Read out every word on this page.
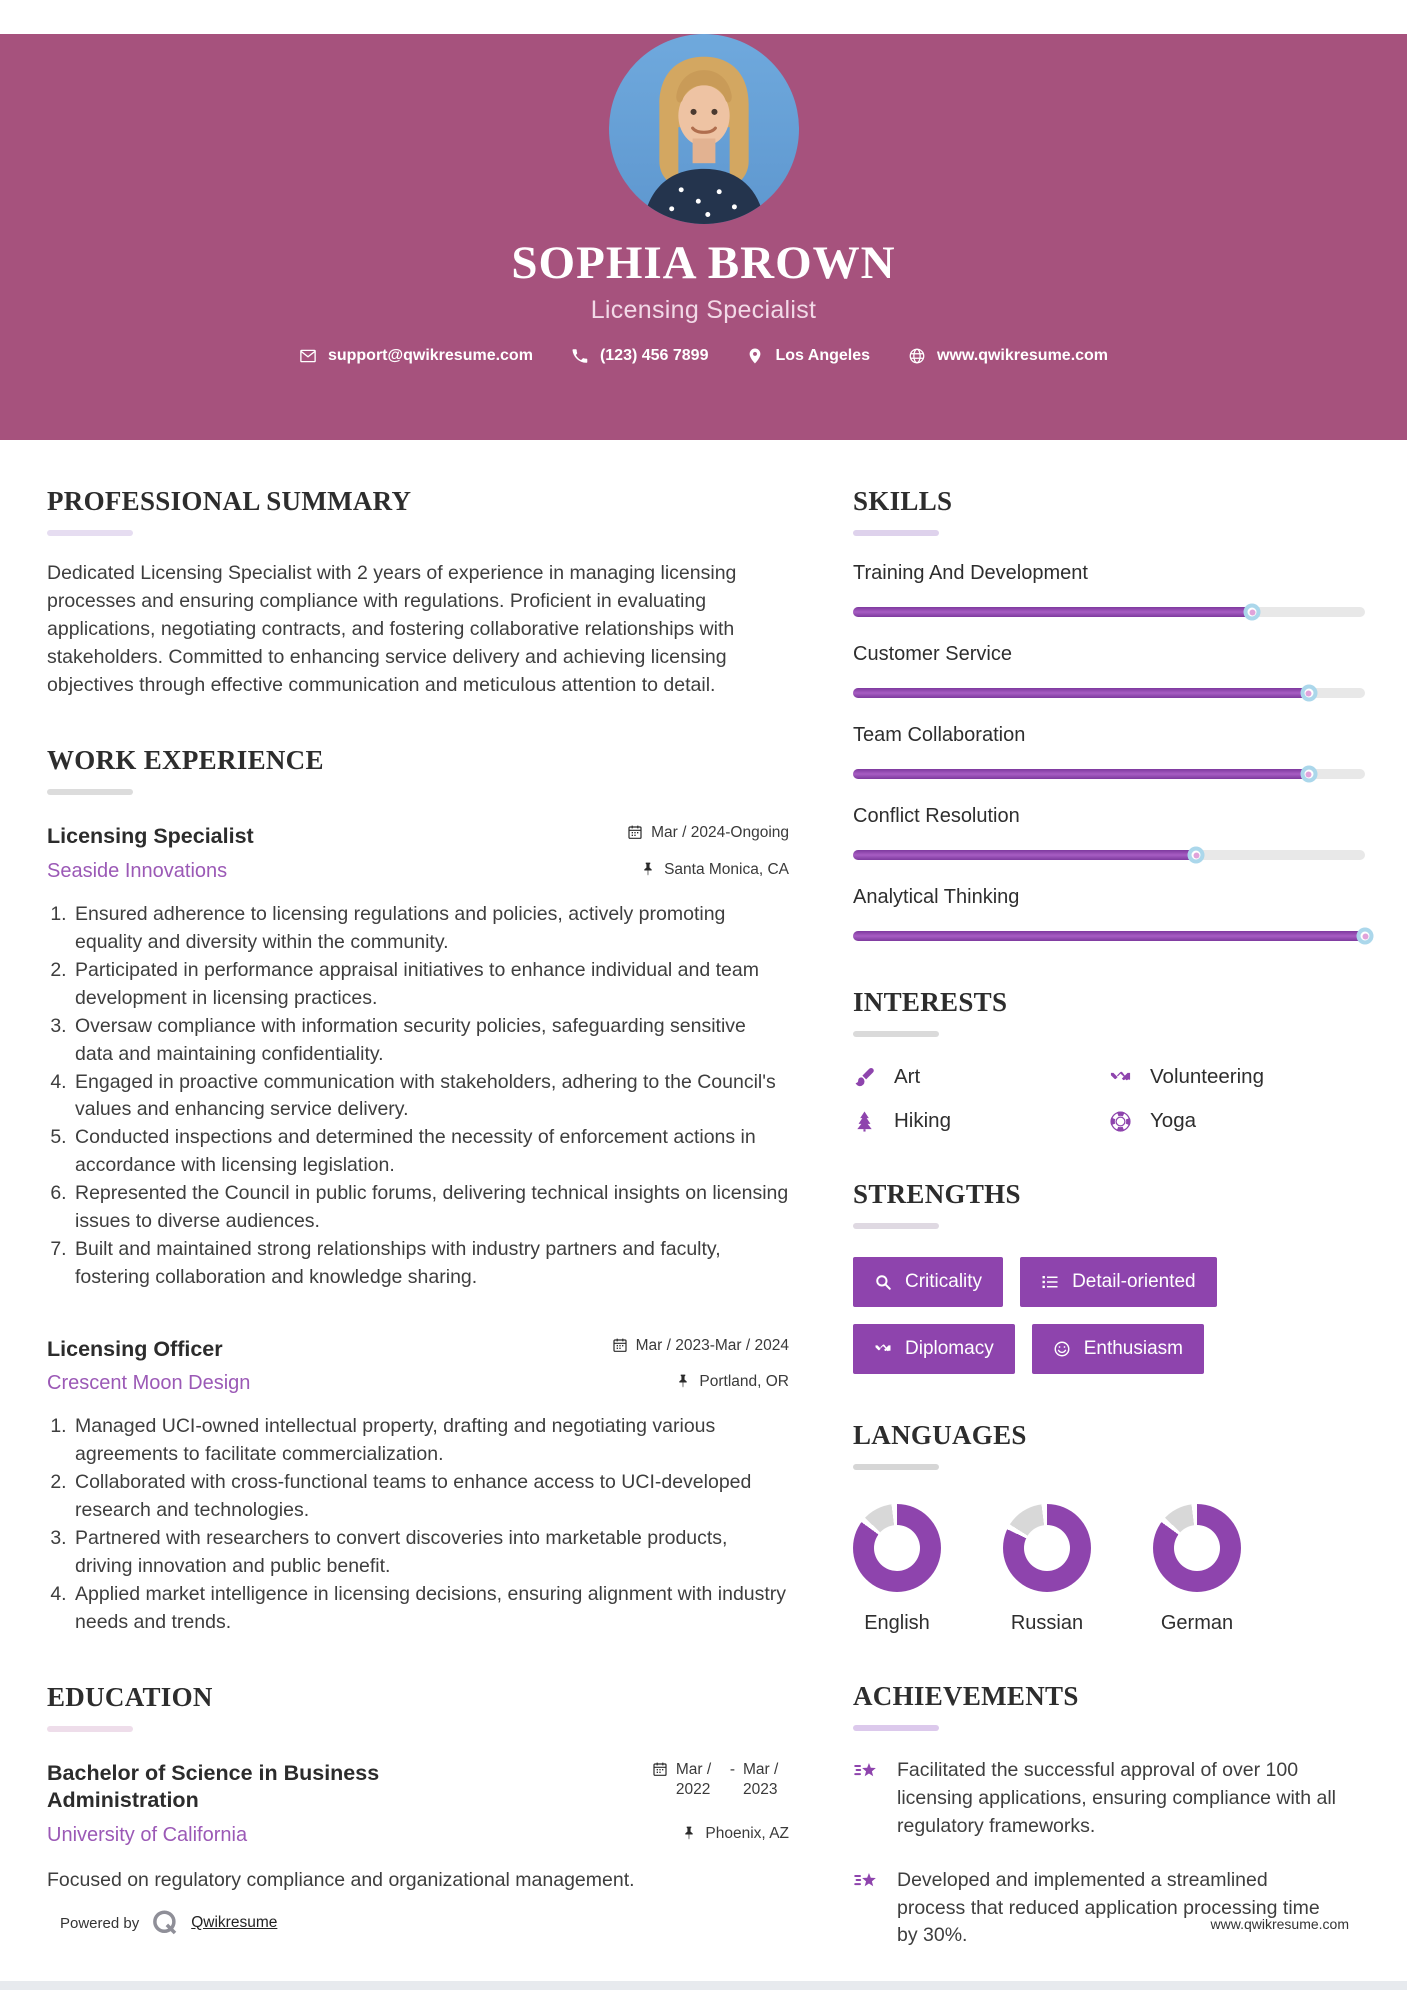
SOPHIA BROWN
Licensing Specialist
support@qwikresume.com	(123) 456 7899	Los Angeles	www.qwikresume.com
PROFESSIONAL SUMMARY

Dedicated Licensing Specialist with 2 years of experience in managing licensing processes and ensuring compliance with regulations. Proficient in evaluating applications, negotiating contracts, and fostering collaborative relationships with stakeholders. Committed to enhancing service delivery and achieving licensing objectives through effective communication and meticulous attention to detail.

WORK EXPERIENCE
Licensing Specialist	Mar / 2024-Ongoing
Seaside Innovations	Santa Monica, CA
1. Ensured adherence to licensing regulations and policies, actively promoting equality and diversity within the community.
2. Participated in performance appraisal initiatives to enhance individual and team development in licensing practices.
3. Oversaw compliance with information security policies, safeguarding sensitive data and maintaining confidentiality.
4. Engaged in proactive communication with stakeholders, adhering to the Council's values and enhancing service delivery.
5. Conducted inspections and determined the necessity of enforcement actions in accordance with licensing legislation.
6. Represented the Council in public forums, delivering technical insights on licensing issues to diverse audiences.
7. Built and maintained strong relationships with industry partners and faculty, fostering collaboration and knowledge sharing.
Licensing Officer	Mar / 2023-Mar / 2024
Crescent Moon Design	Portland, OR
1. Managed UCI-owned intellectual property, drafting and negotiating various agreements to facilitate commercialization.
2. Collaborated with cross-functional teams to enhance access to UCI-developed research and technologies.
3. Partnered with researchers to convert discoveries into marketable products, driving innovation and public benefit.
4. Applied market intelligence in licensing decisions, ensuring alignment with industry needs and trends.
EDUCATION
Bachelor of Science in Business Administration
Mar / 2022
- Mar / 2023
University of California	Phoenix, AZ

Focused on regulatory compliance and organizational management.

SKILLS
Training And Development
Customer Service
Team Collaboration
Conflict Resolution
Analytical Thinking
INTERESTS
Art	Volunteering
Hiking	Yoga
STRENGTHS
Criticality	Detail-oriented
Diplomacy	Enthusiasm
LANGUAGES
English	Russian	German
ACHIEVEMENTS

Facilitated the successful approval of over 100 licensing applications, ensuring compliance with all regulatory frameworks.

Developed and implemented a streamlined process that reduced application processing time by 30%.

Powered by	Qwikresume	www.qwikresume.com
